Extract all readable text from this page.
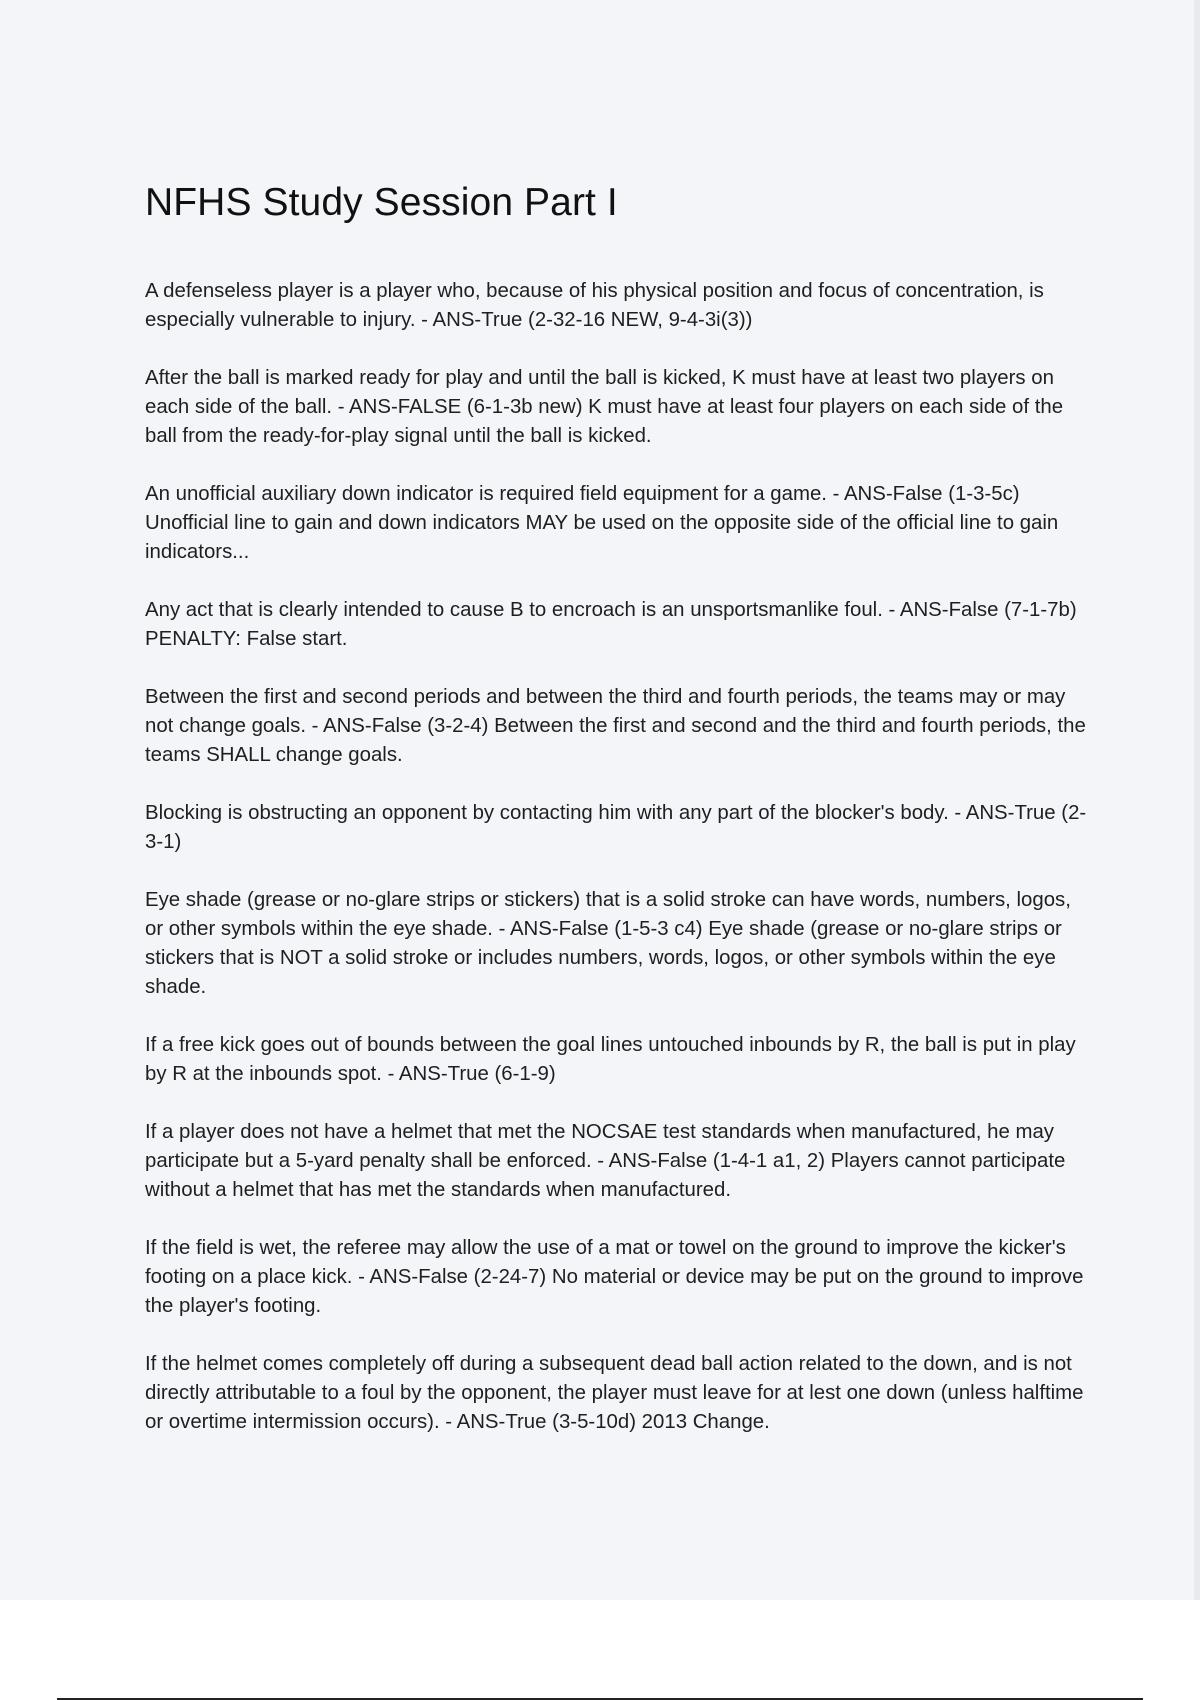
NFHS Study Session Part I

A defenseless player is a player who, because of his physical position and focus of concentration, is especially vulnerable to injury. - ANS-True (2-32-16 NEW, 9-4-3i(3))

After the ball is marked ready for play and until the ball is kicked, K must have at least two players on each side of the ball. - ANS-FALSE (6-1-3b new) K must have at least four players on each side of the ball from the ready-for-play signal until the ball is kicked.

An unofficial auxiliary down indicator is required field equipment for a game. - ANS-False (1-3-5c) Unofficial line to gain and down indicators MAY be used on the opposite side of the official line to gain indicators...

Any act that is clearly intended to cause B to encroach is an unsportsmanlike foul. - ANS-False (7-1-7b) PENALTY: False start.

Between the first and second periods and between the third and fourth periods, the teams may or may not change goals. - ANS-False (3-2-4) Between the first and second and the third and fourth periods, the teams SHALL change goals.

Blocking is obstructing an opponent by contacting him with any part of the blocker's body. - ANS-True (2-3-1)

Eye shade (grease or no-glare strips or stickers) that is a solid stroke can have words, numbers, logos, or other symbols within the eye shade. - ANS-False (1-5-3 c4) Eye shade (grease or no-glare strips or stickers that is NOT a solid stroke or includes numbers, words, logos, or other symbols within the eye shade.

If a free kick goes out of bounds between the goal lines untouched inbounds by R, the ball is put in play by R at the inbounds spot. - ANS-True (6-1-9)

If a player does not have a helmet that met the NOCSAE test standards when manufactured, he may participate but a 5-yard penalty shall be enforced. - ANS-False (1-4-1 a1, 2) Players cannot participate without a helmet that has met the standards when manufactured.

If the field is wet, the referee may allow the use of a mat or towel on the ground to improve the kicker's footing on a place kick. - ANS-False (2-24-7) No material or device may be put on the ground to improve the player's footing.

If the helmet comes completely off during a subsequent dead ball action related to the down, and is not directly attributable to a foul by the opponent, the player must leave for at lest one down (unless halftime or overtime intermission occurs). - ANS-True (3-5-10d) 2013 Change.
